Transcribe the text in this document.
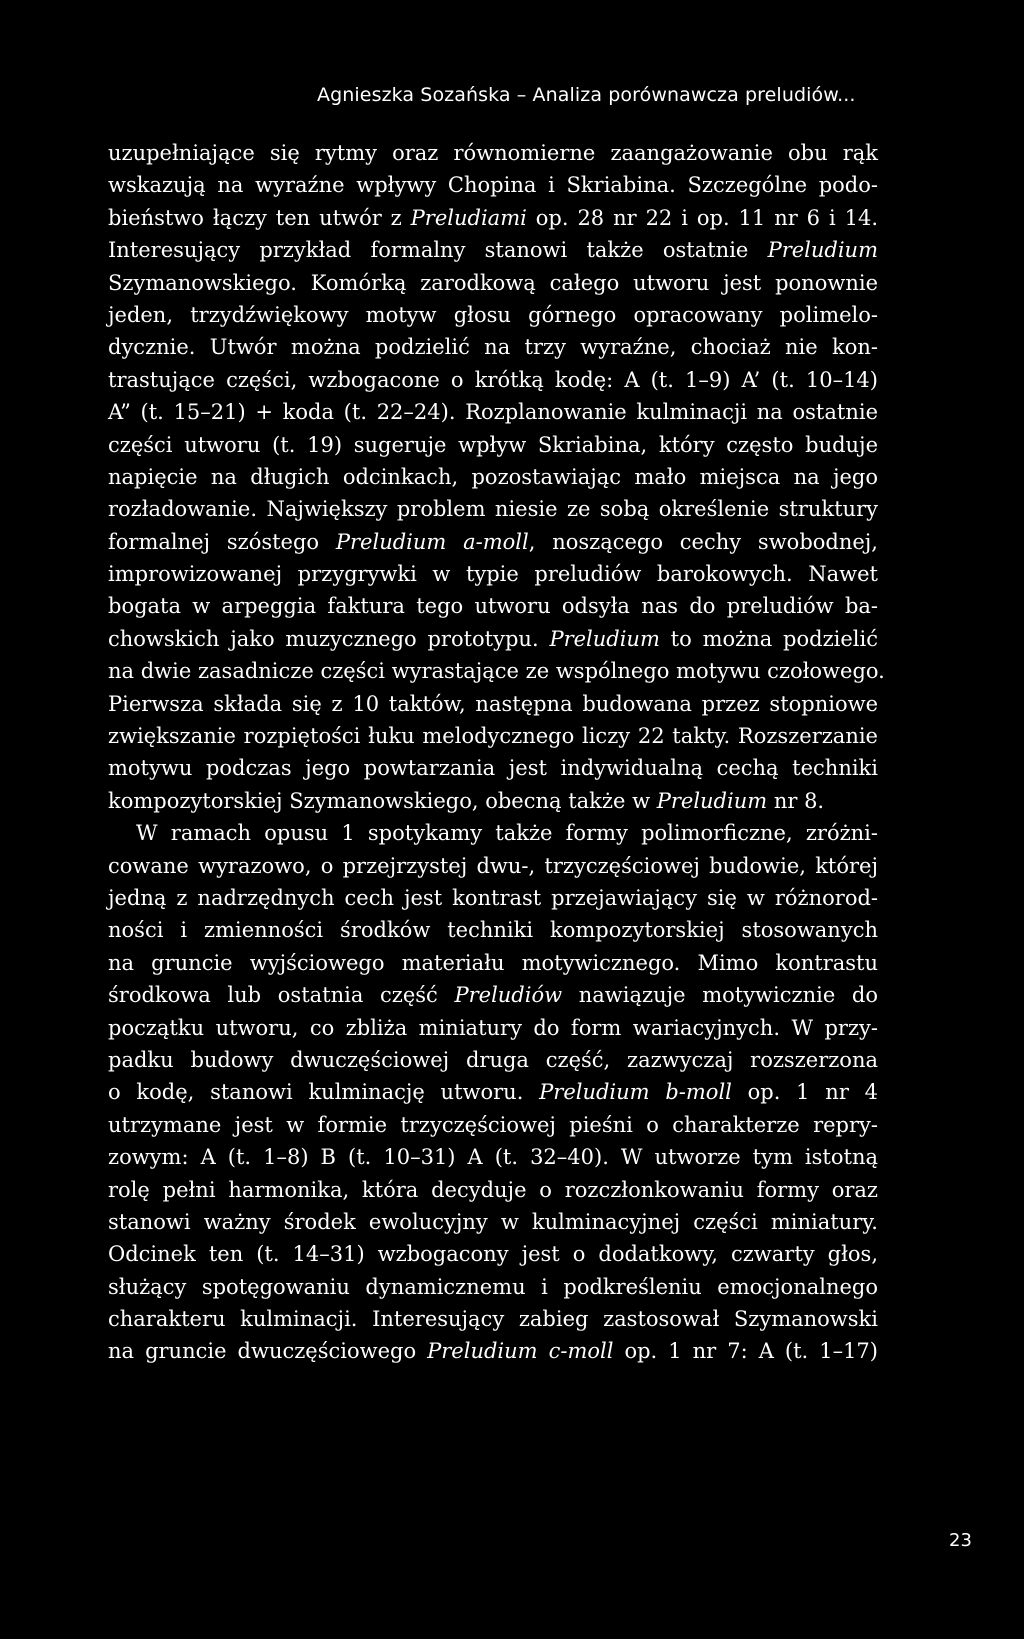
Agnieszka Sozańska – Analiza porównawcza preludiów...
uzupełniające się rytmy oraz równomierne zaangażowanie obu rąk
wskazują na wyraźne wpływy Chopina i Skriabina. Szczególne podo-
bieństwo łączy ten utwór z Preludiami op. 28 nr 22 i op. 11 nr 6 i 14.
Interesujący przykład formalny stanowi także ostatnie Preludium
Szymanowskiego. Komórką zarodkową całego utworu jest ponownie
jeden, trzydźwiękowy motyw głosu górnego opracowany polimelo-
dycznie. Utwór można podzielić na trzy wyraźne, chociaż nie kon-
trastujące części, wzbogacone o krótką kodę: A (t. 1–9) A’ (t. 10–14)
A” (t. 15–21) + koda (t. 22–24). Rozplanowanie kulminacji na ostatnie
części utworu (t. 19) sugeruje wpływ Skriabina, który często buduje
napięcie na długich odcinkach, pozostawiając mało miejsca na jego
rozładowanie. Największy problem niesie ze sobą określenie struktury
formalnej szóstego Preludium a-moll, noszącego cechy swobodnej,
improwizowanej przygrywki w typie preludiów barokowych. Nawet
bogata w arpeggia faktura tego utworu odsyła nas do preludiów ba-
chowskich jako muzycznego prototypu. Preludium to można podzielić
na dwie zasadnicze części wyrastające ze wspólnego motywu czołowego.
Pierwsza składa się z 10 taktów, następna budowana przez stopniowe
zwiększanie rozpiętości łuku melodycznego liczy 22 takty. Rozszerzanie
motywu podczas jego powtarzania jest indywidualną cechą techniki
kompozytorskiej Szymanowskiego, obecną także w Preludium nr 8.
W ramach opusu 1 spotykamy także formy polimorficzne, zróżni-
cowane wyrazowo, o przejrzystej dwu-, trzyczęściowej budowie, której
jedną z nadrzędnych cech jest kontrast przejawiający się w różnorod-
ności i zmienności środków techniki kompozytorskiej stosowanych
na gruncie wyjściowego materiału motywicznego. Mimo kontrastu
środkowa lub ostatnia część Preludiów nawiązuje motywicznie do
początku utworu, co zbliża miniatury do form wariacyjnych. W przy-
padku budowy dwuczęściowej druga część, zazwyczaj rozszerzona
o kodę, stanowi kulminację utworu. Preludium b-moll op. 1 nr 4
utrzymane jest w formie trzyczęściowej pieśni o charakterze repry-
zowym: A (t. 1–8) B (t. 10–31) A (t. 32–40). W utworze tym istotną
rolę pełni harmonika, która decyduje o rozczłonkowaniu formy oraz
stanowi ważny środek ewolucyjny w kulminacyjnej części miniatury.
Odcinek ten (t. 14–31) wzbogacony jest o dodatkowy, czwarty głos,
służący spotęgowaniu dynamicznemu i podkreśleniu emocjonalnego
charakteru kulminacji. Interesujący zabieg zastosował Szymanowski
na gruncie dwuczęściowego Preludium c-moll op. 1 nr 7: A (t. 1–17)
23
